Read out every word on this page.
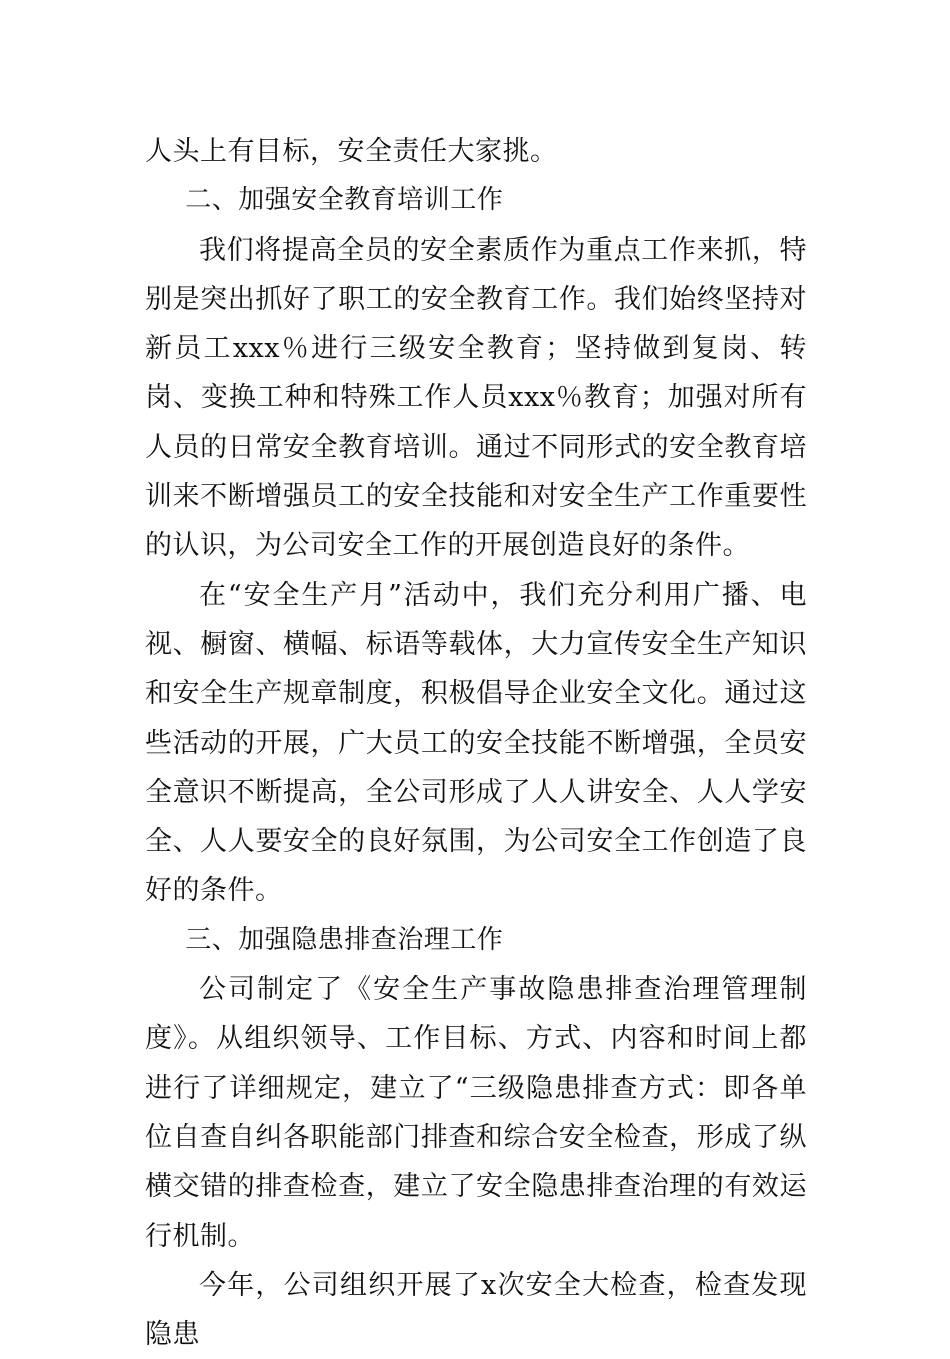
人头上有目标，安全责任大家挑。

二、加强安全教育培训工作

我们将提高全员的安全素质作为重点工作来抓，特别是突出抓好了职工的安全教育工作。我们始终坚持对新员工xxx％进行三级安全教育；坚持做到复岗、转岗、变换工种和特殊工作人员xxx％教育；加强对所有人员的日常安全教育培训。通过不同形式的安全教育培训来不断增强员工的安全技能和对安全生产工作重要性的认识，为公司安全工作的开展创造良好的条件。

在“安全生产月”活动中，我们充分利用广播、电视、橱窗、横幅、标语等载体，大力宣传安全生产知识和安全生产规章制度，积极倡导企业安全文化。通过这些活动的开展，广大员工的安全技能不断增强，全员安全意识不断提高，全公司形成了人人讲安全、人人学安全、人人要安全的良好氛围，为公司安全工作创造了良好的条件。

三、加强隐患排查治理工作

公司制定了《安全生产事故隐患排查治理管理制度》。从组织领导、工作目标、方式、内容和时间上都进行了详细规定，建立了“三级隐患排查方式：即各单位自查自纠各职能部门排查和综合安全检查，形成了纵横交错的排查检查，建立了安全隐患排查治理的有效运行机制。

今年，公司组织开展了x次安全大检查，检查发现隐患
